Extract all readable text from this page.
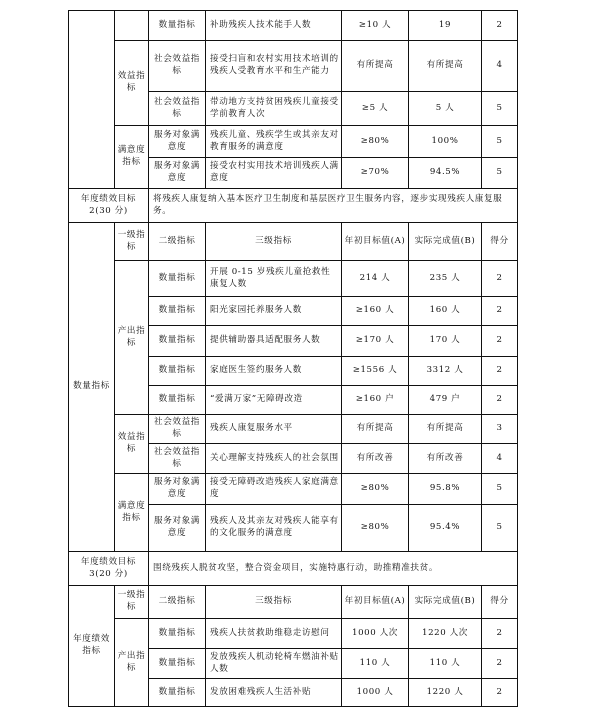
		数量指标	补助残疾人技术能手人数	≥10 人	19	2
	效益指标	社会效益指标	接受扫盲和农村实用技术培训的残疾人受教育水平和生产能力	有所提高	有所提高	4
		社会效益指标	带动地方支持贫困残疾儿童接受学前教育人次	≥5 人	5 人	5
	满意度指标	服务对象满意度	残疾儿童、残疾学生或其亲友对教育服务的满意度	≥80%	100%	5
		服务对象满意度	接受农村实用技术培训残疾人满意度	≥70%	94.5%	5
年度绩效目标2(30 分)		将残疾人康复纳入基本医疗卫生制度和基层医疗卫生服务内容，逐步实现残疾人康复服务。				
数量指标	一级指标	二级指标	三级指标	年初目标值(A)	实际完成值(B)	得分
	产出指标	数量指标	开展 0-15 岁残疾儿童抢救性康复人数	214 人	235 人	2
		数量指标	阳光家园托养服务人数	≥160 人	160 人	2
		数量指标	提供辅助器具适配服务人数	≥170 人	170 人	2
		数量指标	家庭医生签约服务人数	≥1556 人	3312 人	2
		数量指标	“爱满万家”无障碍改造	≥160 户	479 户	2
	效益指标	社会效益指标	残疾人康复服务水平	有所提高	有所提高	3
		社会效益指标	关心理解支持残疾人的社会氛围	有所改善	有所改善	4
	满意度指标	服务对象满意度	接受无障碍改造残疾人家庭满意度	≥80%	95.8%	5
		服务对象满意度	残疾人及其亲友对残疾人能享有的文化服务的满意度	≥80%	95.4%	5
年度绩效目标3(20 分)		围绕残疾人脱贫攻坚，整合资金项目，实施特惠行动，助推精准扶贫。				
年度绩效指标	一级指标	二级指标	三级指标	年初目标值(A)	实际完成值(B)	得分
	产出指标	数量指标	残疾人扶贫救助维稳走访慰问	1000 人次	1220 人次	2
		数量指标	发放残疾人机动轮椅车燃油补贴人数	110 人	110 人	2
		数量指标	发放困难残疾人生活补贴	1000 人	1220 人	2
